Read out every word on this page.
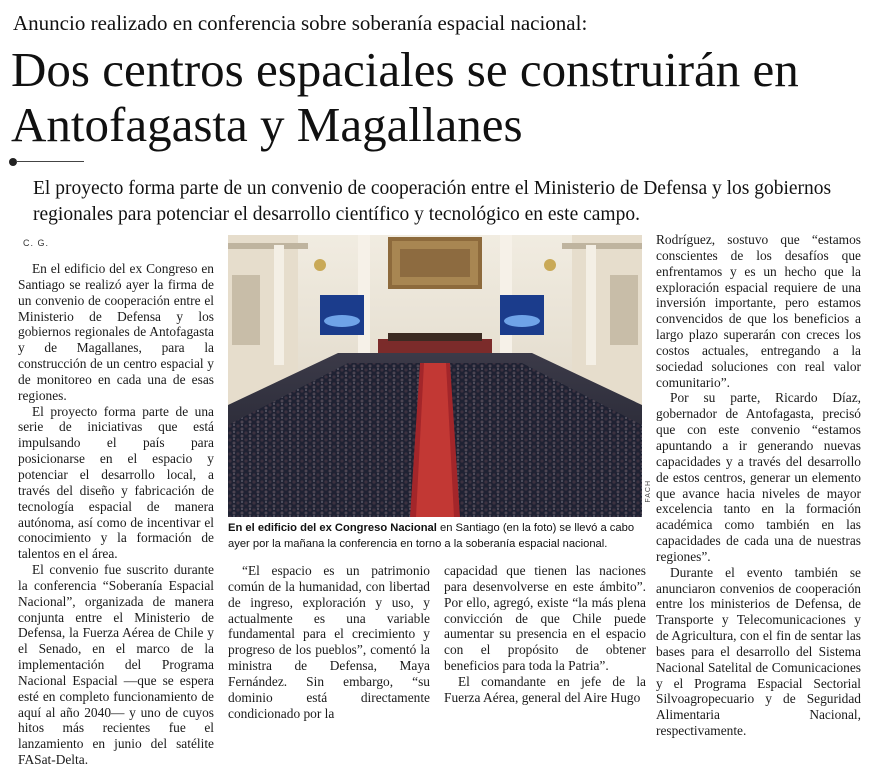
Anuncio realizado en conferencia sobre soberanía espacial nacional:
Dos centros espaciales se construirán en Antofagasta y Magallanes
El proyecto forma parte de un convenio de cooperación entre el Ministerio de Defensa y los gobiernos regionales para potenciar el desarrollo científico y tecnológico en este campo.
C. G.

En el edificio del ex Congreso en Santiago se realizó ayer la firma de un convenio de cooperación entre el Ministerio de Defensa y los gobiernos regionales de Antofagasta y de Magallanes, para la construcción de un centro espacial y de monitoreo en cada una de esas regiones.

El proyecto forma parte de una serie de iniciativas que está impulsando el país para posicionarse en el espacio y potenciar el desarrollo local, a través del diseño y fabricación de tecnología espacial de manera autónoma, así como de incentivar el conocimiento y la formación de talentos en el área.

El convenio fue suscrito durante la conferencia “Soberanía Espacial Nacional”, organizada de manera conjunta entre el Ministerio de Defensa, la Fuerza Aérea de Chile y el Senado, en el marco de la implementación del Programa Nacional Espacial —que se espera esté en completo funcionamiento de aquí al año 2040— y uno de cuyos hitos más recientes fue el lanzamiento en junio del satélite FASat-Delta.

FACH
En el edificio del ex Congreso Nacional en Santiago (en la foto) se llevó a cabo ayer por la mañana la conferencia en torno a la soberanía espacial nacional.

“El espacio es un patrimonio común de la humanidad, con libertad de ingreso, exploración y uso, y actualmente es una variable fundamental para el crecimiento y progreso de los pueblos”, comentó la ministra de Defensa, Maya Fernández. Sin embargo, “su dominio está directamente condicionado por la

capacidad que tienen las naciones para desenvolverse en este ámbito”. Por ello, agregó, existe “la más plena convicción de que Chile puede aumentar su presencia en el espacio con el propósito de obtener beneficios para toda la Patria”.

El comandante en jefe de la Fuerza Aérea, general del Aire Hugo

Rodríguez, sostuvo que “estamos conscientes de los desafíos que enfrentamos y es un hecho que la exploración espacial requiere de una inversión importante, pero estamos convencidos de que los beneficios a largo plazo superarán con creces los costos actuales, entregando a la sociedad soluciones con real valor comunitario”.

Por su parte, Ricardo Díaz, gobernador de Antofagasta, precisó que con este convenio “estamos apuntando a ir generando nuevas capacidades y a través del desarrollo de estos centros, generar un elemento que avance hacia niveles de mayor excelencia tanto en la formación académica como también en las capacidades de cada una de nuestras regiones”.

Durante el evento también se anunciaron convenios de cooperación entre los ministerios de Defensa, de Transporte y Telecomunicaciones y de Agricultura, con el fin de sentar las bases para el desarrollo del Sistema Nacional Satelital de Comunicaciones y el Programa Espacial Sectorial Silvoagropecuario y de Seguridad Alimentaria Nacional, respectivamente.
